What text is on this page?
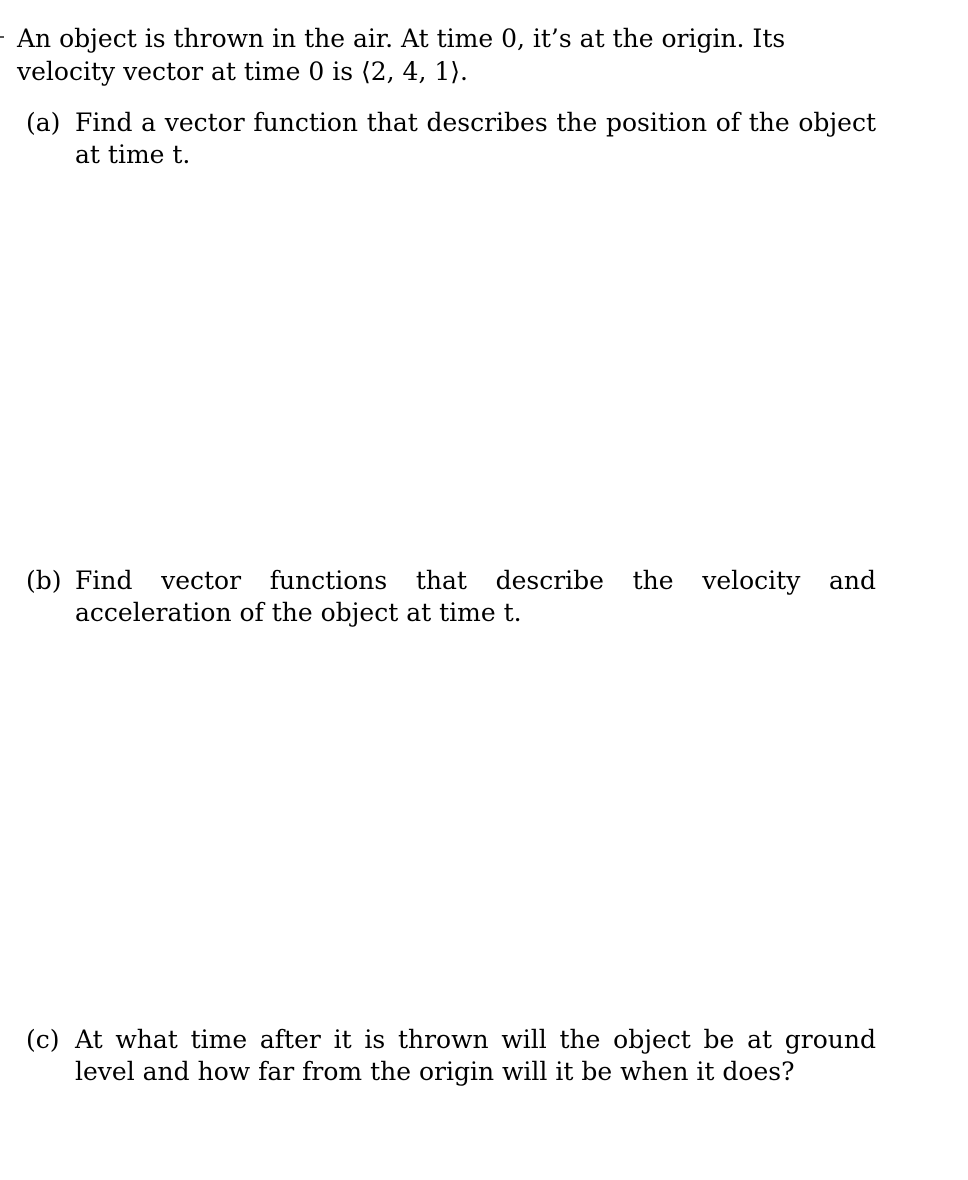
An object is thrown in the air. At time 0, it’s at the origin. Its velocity vector at time 0 is ⟨2, 4, 1⟩.

(a) Find a vector function that describes the position of the object at time t.
(b) Find vector functions that describe the velocity and acceleration of the object at time t.
(c) At what time after it is thrown will the object be at ground level and how far from the origin will it be when it does?
